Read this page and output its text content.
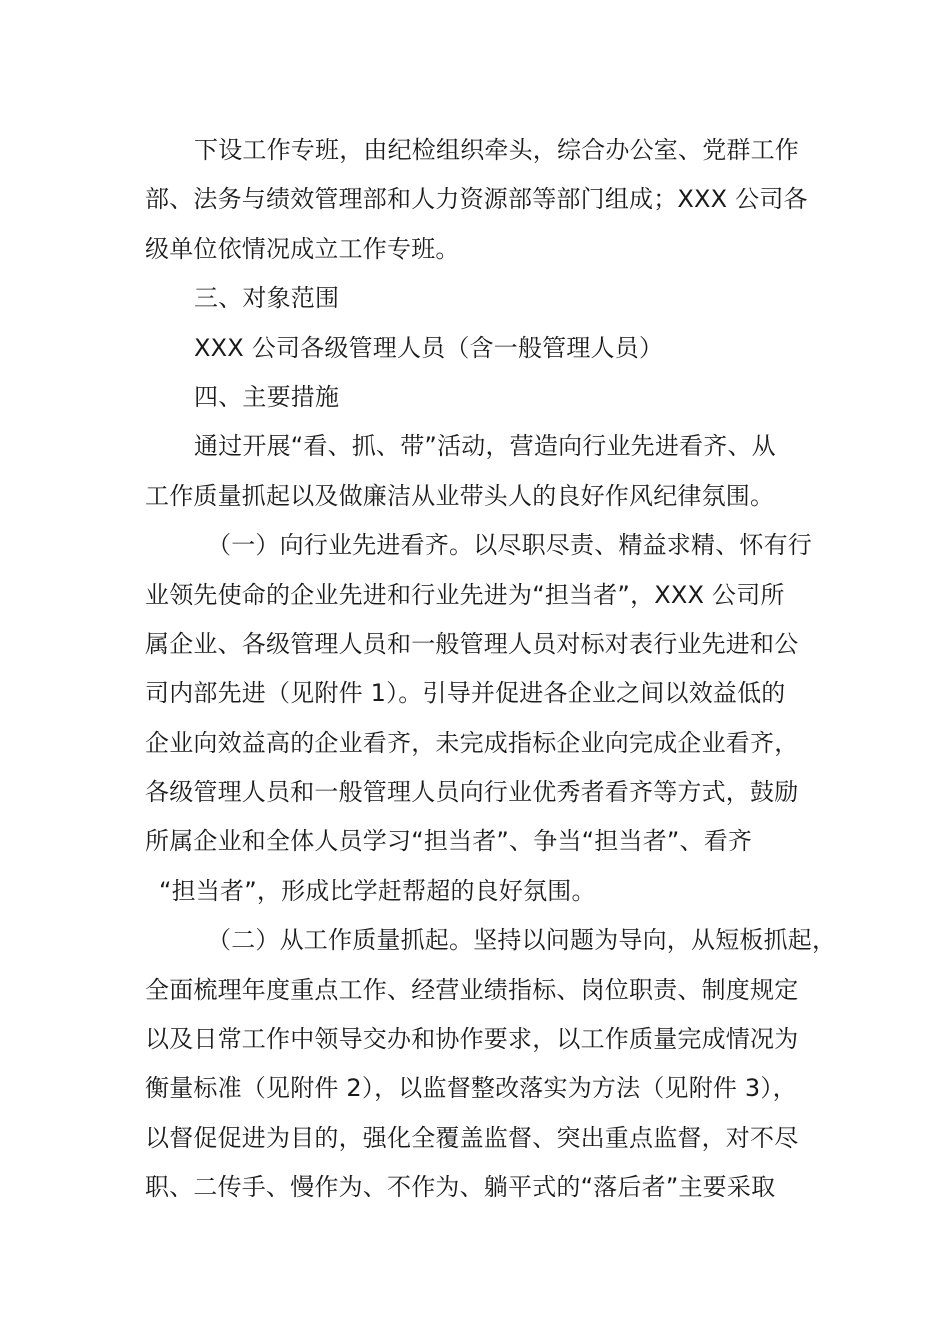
下设工作专班，由纪检组织牵头，综合办公室、党群工作
部、法务与绩效管理部和人力资源部等部门组成；XXX 公司各
级单位依情况成立工作专班。
三、对象范围
XXX 公司各级管理人员（含一般管理人员）
四、主要措施
通过开展“看、抓、带”活动，营造向行业先进看齐、从
工作质量抓起以及做廉洁从业带头人的良好作风纪律氛围。
（一）向行业先进看齐。以尽职尽责、精益求精、怀有行
业领先使命的企业先进和行业先进为“担当者”，XXX 公司所
属企业、各级管理人员和一般管理人员对标对表行业先进和公
司内部先进（见附件 1）。引导并促进各企业之间以效益低的
企业向效益高的企业看齐，未完成指标企业向完成企业看齐，
各级管理人员和一般管理人员向行业优秀者看齐等方式，鼓励
所属企业和全体人员学习“担当者”、争当“担当者”、看齐
“担当者”，形成比学赶帮超的良好氛围。
（二）从工作质量抓起。坚持以问题为导向，从短板抓起，
全面梳理年度重点工作、经营业绩指标、岗位职责、制度规定
以及日常工作中领导交办和协作要求，以工作质量完成情况为
衡量标准（见附件 2），以监督整改落实为方法（见附件 3），
以督促促进为目的，强化全覆盖监督、突出重点监督，对不尽
职、二传手、慢作为、不作为、躺平式的“落后者”主要采取
